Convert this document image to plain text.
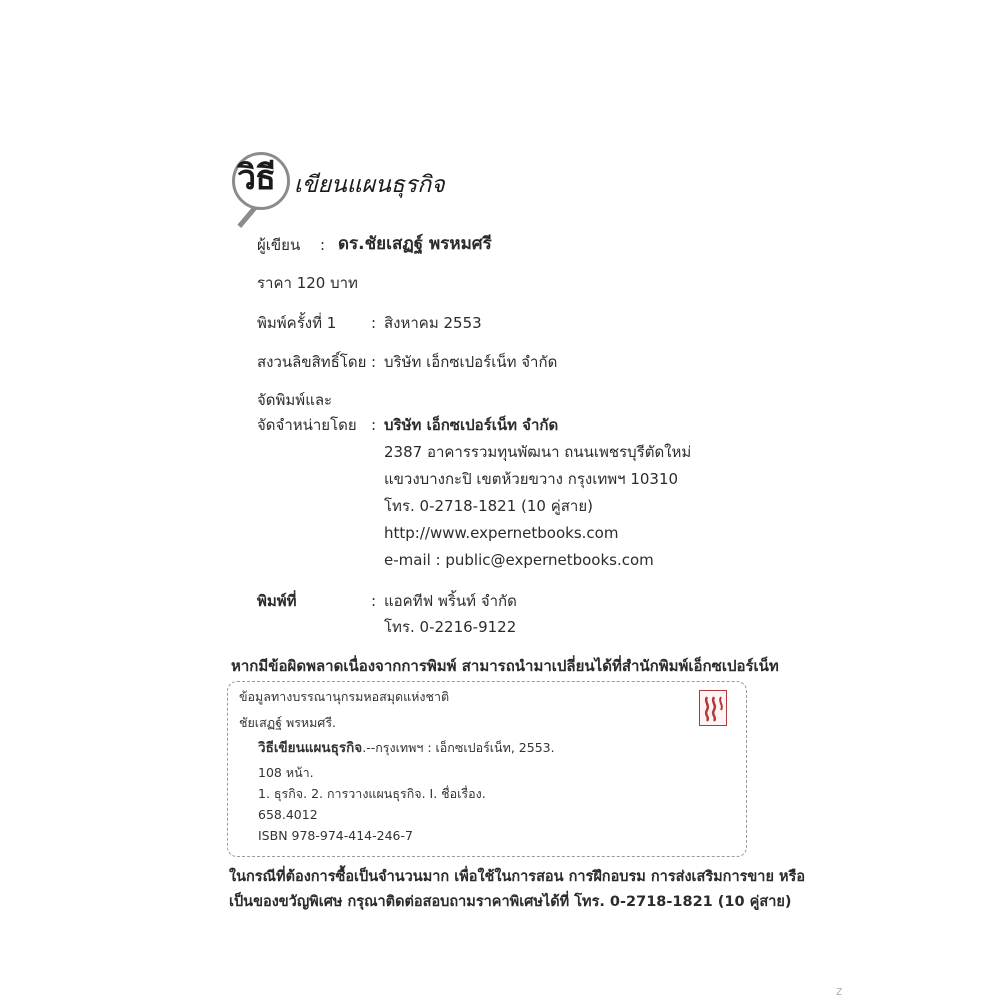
วิธี เขียนแผนธุรกิจ
ผู้เขียน : ดร.ชัยเสฏฐ์ พรหมศรี
ราคา 120 บาท
พิมพ์ครั้งที่ 1 : สิงหาคม 2553
สงวนลิขสิทธิ์โดย : บริษัท เอ็กซเปอร์เน็ท จำกัด
จัดพิมพ์และ
จัดจำหน่ายโดย : บริษัท เอ็กซเปอร์เน็ท จำกัด
2387 อาคารรวมทุนพัฒนา ถนนเพชรบุรีตัดใหม่
แขวงบางกะปิ เขตห้วยขวาง กรุงเทพฯ 10310
โทร. 0-2718-1821 (10 คู่สาย)
http://www.expernetbooks.com
e-mail : public@expernetbooks.com
พิมพ์ที่	: แอคทีฟ พริ้นท์ จำกัด
โทร. 0-2216-9122
หากมีข้อผิดพลาดเนื่องจากการพิมพ์ สามารถนำมาเปลี่ยนได้ที่สำนักพิมพ์เอ็กซเปอร์เน็ท
ข้อมูลทางบรรณานุกรมหอสมุดแห่งชาติ
ชัยเสฏฐ์ พรหมศรี.
วิธีเขียนแผนธุรกิจ.--กรุงเทพฯ : เอ็กซเปอร์เน็ท, 2553.
108 หน้า.
1. ธุรกิจ. 2. การวางแผนธุรกิจ. I. ชื่อเรื่อง.
658.4012
ISBN 978-974-414-246-7
ในกรณีที่ต้องการซื้อเป็นจำนวนมาก เพื่อใช้ในการสอน การฝึกอบรม การส่งเสริมการขาย หรือ
เป็นของขวัญพิเศษ กรุณาติดต่อสอบถามราคาพิเศษได้ที่ โทร. 0-2718-1821 (10 คู่สาย)
z
